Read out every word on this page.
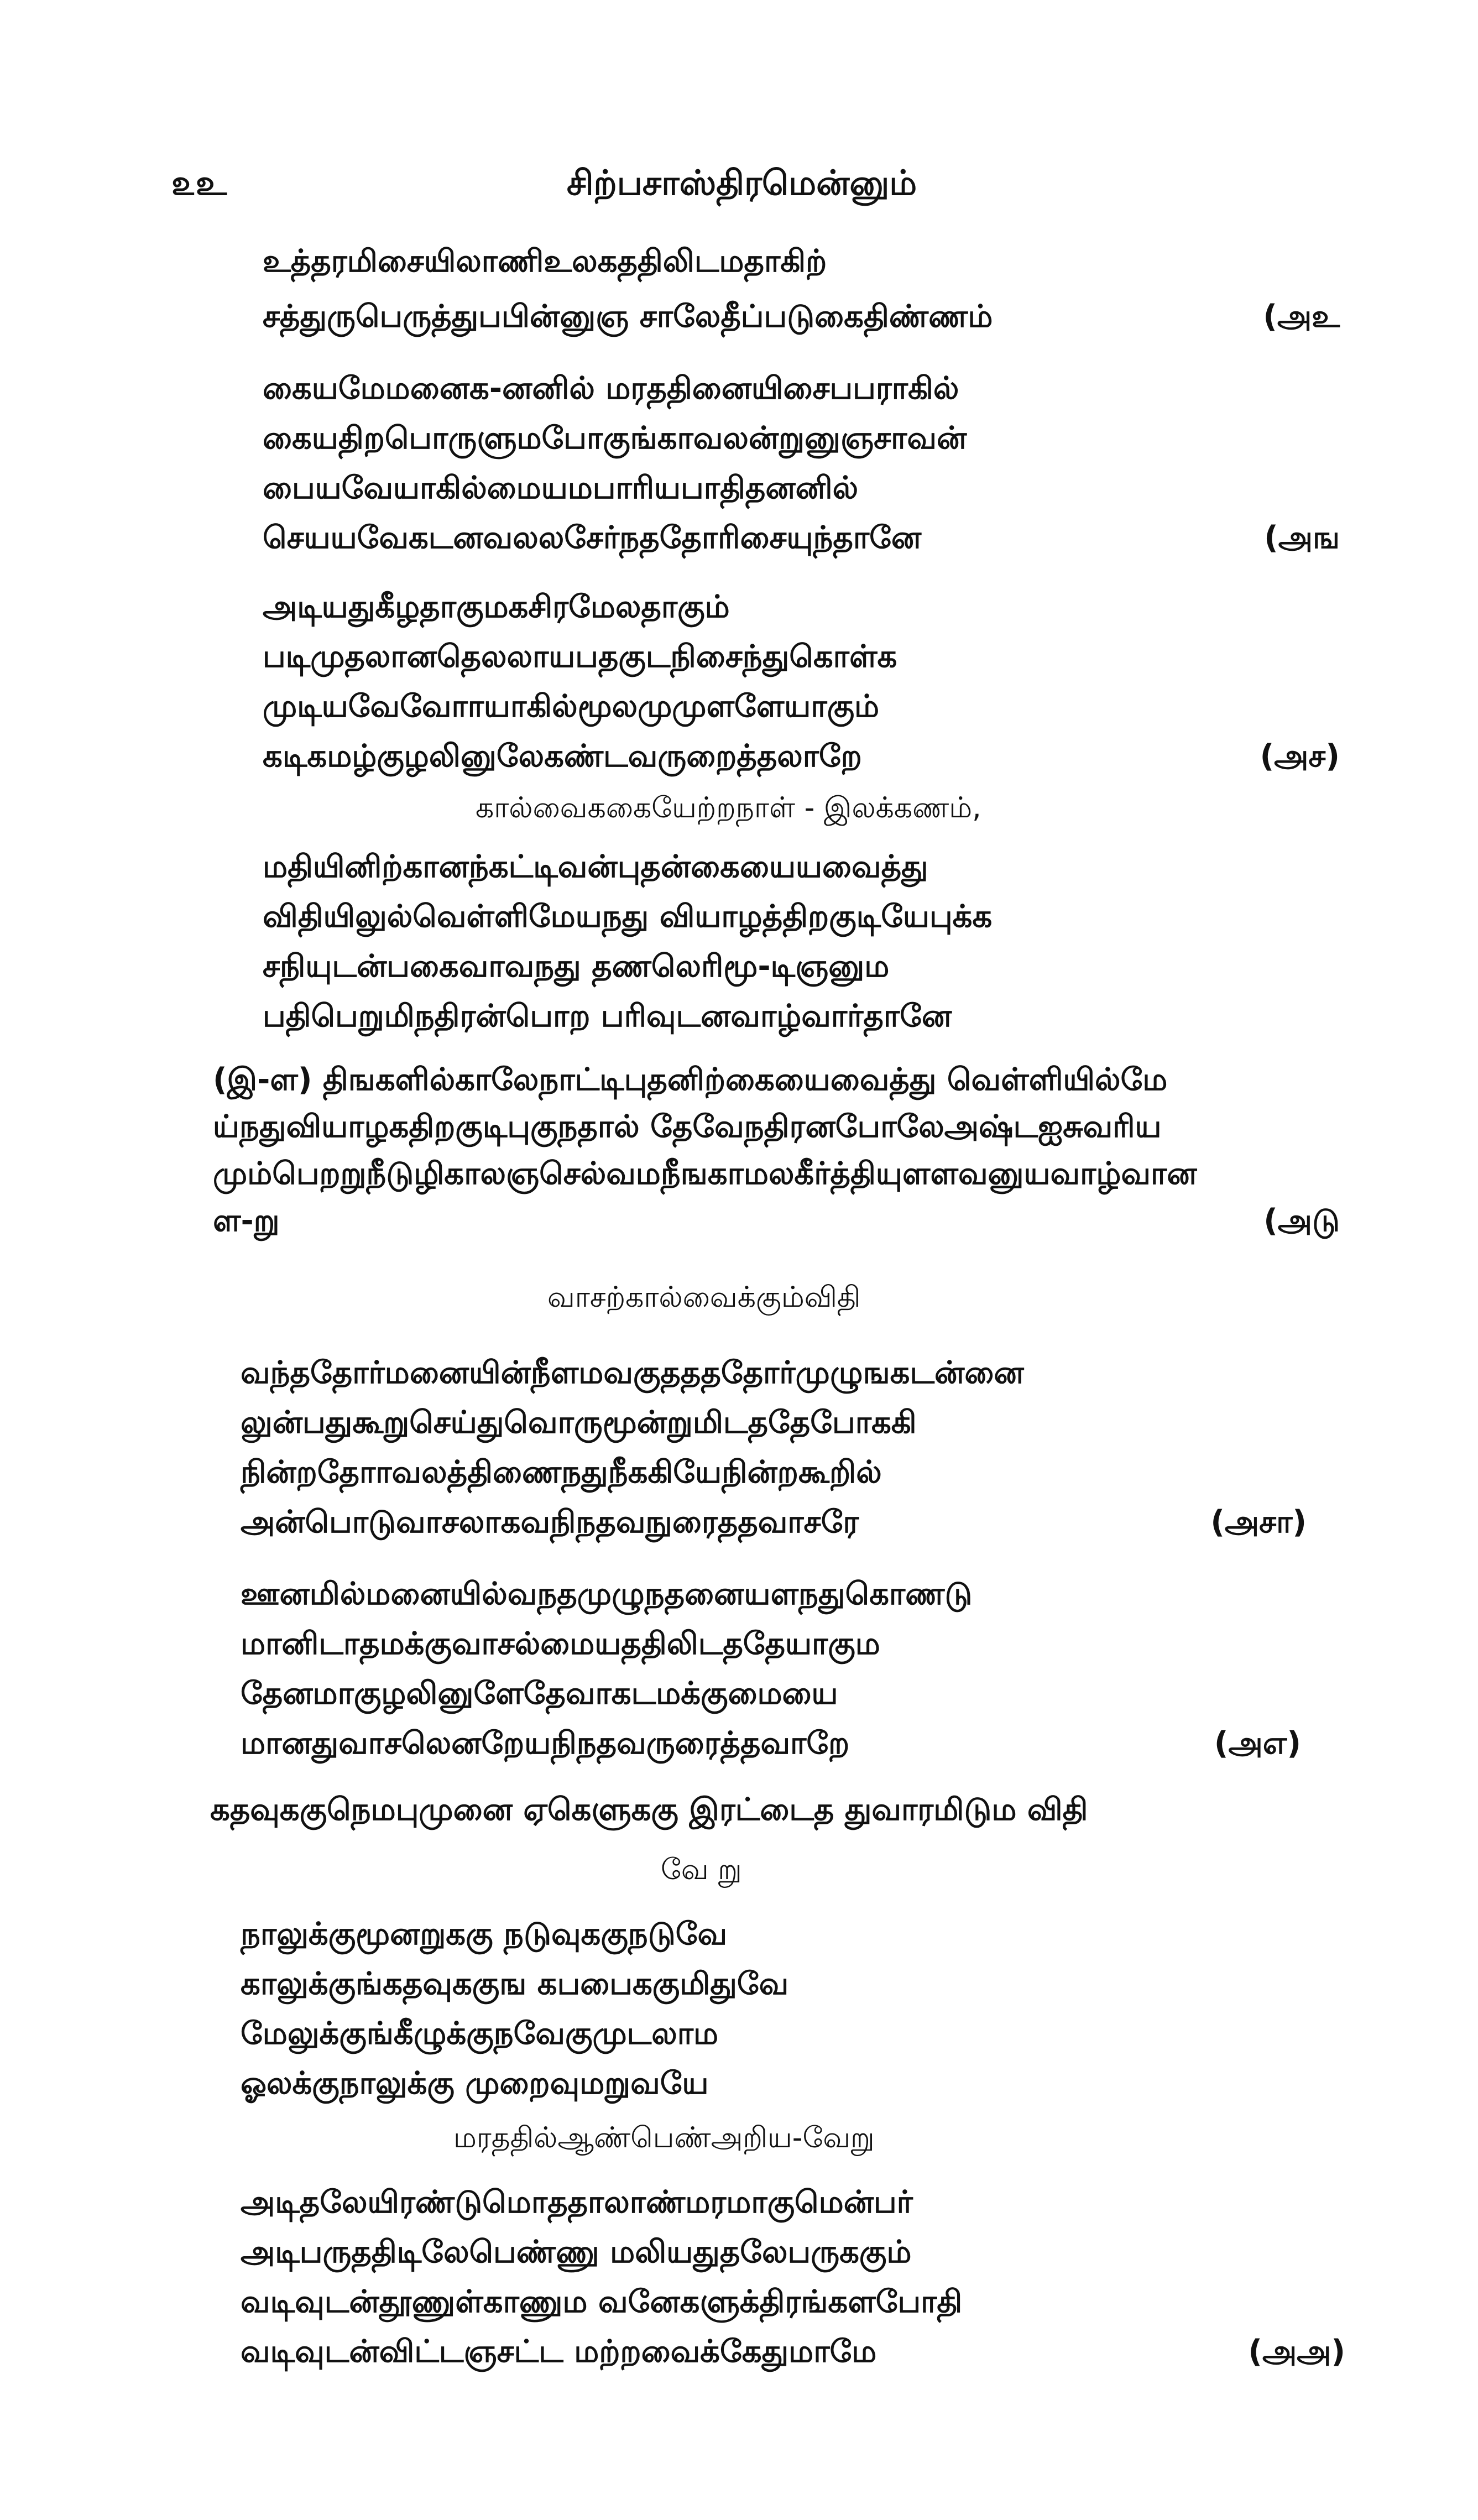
௨உ	சிற்பசாஸ்திரமென்னும்
உத்தரமிசையிலாணிஉலகததிலிடமதாகிற்
சத்துருபெருத்துபபின்னுஞ சாலேதீப்படுகைதிண்ணம்	(அஉ
கையமேமனைக-னனில் மரததினையிசைபபராகில்
கையதிறபொருளுமபோகுங்காவலன்றுனுஞசாவன்
பையவேயாகில்மையமபாரியபாதிதனனில்
செயயவேகடனவலலசேர்நததோரிசையுந்தானே	(அங
அடியதுகீழதாகுமகசிரமேலதாகும்
படிமுதலானதெலலாயபதகுடநிசைந்துகொள்க
முடியவேவோாயாகில்மூலமுமுளளேயாகும்
கடிகமழ்குழலினுலேகண்டவருறைத்தலாறே	(அச)
கால்வைககையேற்றநாள் - இலக்கணம்,
மதியினிற்கானந்கட்டிவன்புதன்கையையவைத்து
விதியிலுல்வெள்ளிமேயநது வியாழத்திறகுடியேபுக்க
சநியுடன்பகைவாவநது தணலெரிமூ-டிஞனும
பதிபெறுமிநதிரன்பொற பரிவுடனவாழ்வார்தானே
(இ-ள) திஙகளில்காலேநாட்டிபுதனிற்கையைவைத்து வெள்ளியில்மே
ய்நதுவியாழகதிறகுடிபுகுநதால் தேவேநதிரனபோலேஅஷ்டஐசுவரிய
மும்பெறறுநீடுழிகாலஞசெல்வமநீஙகாமலகீர்த்தியுளளவனுயவாழ்வான
ள-று	(அடு
வாசற்கால்வைக்கும்விதி
வந்ததோர்மனையின்நீளமவகுததததோர்முழுஙகடன்னை
லுன்பதுகூறுசெய்துவொருமூன்றுமிடததேபோககி
நின்றதோாவலத்திணைநதுநீககியேநின்றகூறில்
அன்பொடுவாசலாகவநிநதவநுரைததவாசரே	(அசா)
ஊனமில்மனையில்வநதமுழுநதனையளநதுகொணடு
மானிடாதமக்குவாசல்மையததிலிடததேயாகும
தேனமாகுழலினுளேதேவாகடமக்குமையை
மானதுவாசலெனறேயநிநதவருரைத்தவாறே	(அஎ)
கதவுககுநெமபுமுனை ஏகெளுககு இரட்டைத துவாரமிடும விதி
வே று
நாலுக்குமூனறுககு நடுவுககுநடுவே
காலுக்குங்கதவுககுங கபபைககுமிதுவே
மேலுக்குங்கீழுக்குநவேகுமுடலாம
ஓலக்குநாலுக்கு முறைவுமறுவயே
மரததில்ஆண்பெண்அறிய-வேறு
அடிதலேயிரண்டுமொததாலாண்மரமாகுமென்பர்
அடிபருததிடிலேபெண்ணு மலியதுதலேபருககும்
வடிவுடன்தூணுள்காணும வனேகளுக்திரங்களபோதி
வடிவுடன்விட்டஞசட்ட மற்றவைக்கேதுமாமே	(அஅ)
